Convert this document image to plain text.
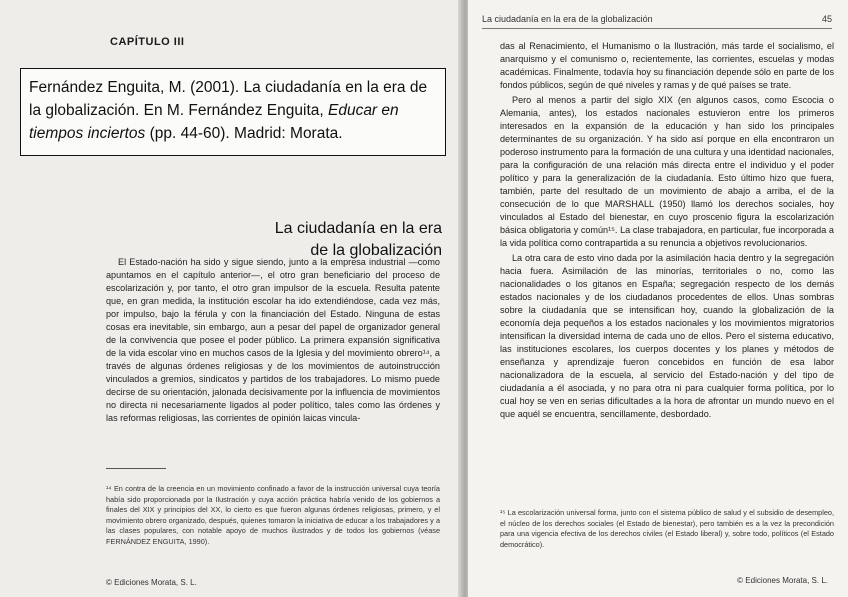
CAPÍTULO III
Fernández Enguita, M. (2001). La ciudadanía en la era de la globalización. En M. Fernández Enguita, Educar en tiempos inciertos (pp. 44-60). Madrid: Morata.
La ciudadanía en la era
de la globalización

El Estado-nación ha sido y sigue siendo, junto a la empresa industrial —como apuntamos en el capítulo anterior—, el otro gran beneficiario del proceso de escolarización y, por tanto, el otro gran impulsor de la escuela. Resulta patente que, en gran medida, la institución escolar ha ido extendiéndose, cada vez más, por impulso, bajo la férula y con la financiación del Estado. Ninguna de estas cosas era inevitable, sin embargo, aun a pesar del papel de organizador general de la convivencia que posee el poder público. La primera expansión significativa de la vida escolar vino en muchos casos de la Iglesia y del movimiento obrero¹⁴, a través de algunas órdenes religiosas y de los movimientos de autoinstrucción vinculados a gremios, sindicatos y partidos de los trabajadores. Lo mismo puede decirse de su orientación, jalonada decisivamente por la influencia de movimientos no directa ni necesariamente ligados al poder político, tales como las órdenes y las reformas religiosas, las corrientes de opinión laicas vincula-

¹⁴ En contra de la creencia en un movimiento confinado a favor de la instrucción universal cuya teoría había sido proporcionada por la Ilustración y cuya acción práctica habría venido de los gobiernos a finales del XIX y principios del XX, lo cierto es que fueron algunas órdenes religiosas, primero, y el movimiento obrero organizado, después, quienes tomaron la iniciativa de educar a los trabajadores y a las clases populares, con notable apoyo de muchos ilustrados y de todos los gobiernos (véase FERNÁNDEZ ENGUITA, 1990).
© Ediciones Morata, S. L.
La ciudadanía en la era de la globalización	45

das al Renacimiento, el Humanismo o la Ilustración, más tarde el socialismo, el anarquismo y el comunismo o, recientemente, las corrientes, escuelas y modas académicas. Finalmente, todavía hoy su financiación depende sólo en parte de los fondos públicos, según de qué niveles y ramas y de qué países se trate.

Pero al menos a partir del siglo XIX (en algunos casos, como Escocia o Alemania, antes), los estados nacionales estuvieron entre los primeros interesados en la expansión de la educación y han sido los principales determinantes de su organización. Y ha sido así porque en ella encontraron un poderoso instrumento para la formación de una cultura y una identidad nacionales, para la configuración de una relación más directa entre el individuo y el poder político y para la generalización de la ciudadanía. Esto último hizo que fuera, también, parte del resultado de un movimiento de abajo a arriba, el de la consecución de lo que MARSHALL (1950) llamó los derechos sociales, hoy vinculados al Estado del bienestar, en cuyo proscenio figura la escolarización básica obligatoria y común¹⁵. La clase trabajadora, en particular, fue incorporada a la vida política como contrapartida a su renuncia a objetivos revolucionarios.

La otra cara de esto vino dada por la asimilación hacia dentro y la segregación hacia fuera. Asimilación de las minorías, territoriales o no, como las nacionalidades o los gitanos en España; segregación respecto de los demás estados nacionales y de los ciudadanos procedentes de ellos. Unas sombras sobre la ciudadanía que se intensifican hoy, cuando la globalización de la economía deja pequeños a los estados nacionales y los movimientos migratorios intensifican la diversidad interna de cada uno de ellos. Pero el sistema educativo, las instituciones escolares, los cuerpos docentes y los planes y métodos de enseñanza y aprendizaje fueron concebidos en función de esa labor nacionalizadora de la escuela, al servicio del Estado-nación y del tipo de ciudadanía a él asociada, y no para otra ni para cualquier forma política, por lo cual hoy se ven en serias dificultades a la hora de afrontar un mundo nuevo en el que aquél se encuentra, sencillamente, desbordado.

¹⁵ La escolarización universal forma, junto con el sistema público de salud y el subsidio de desempleo, el núcleo de los derechos sociales (el Estado de bienestar), pero también es a la vez la precondición para una vigencia efectiva de los derechos civiles (el Estado liberal) y, sobre todo, políticos (el Estado democrático).
© Ediciones Morata, S. L.
